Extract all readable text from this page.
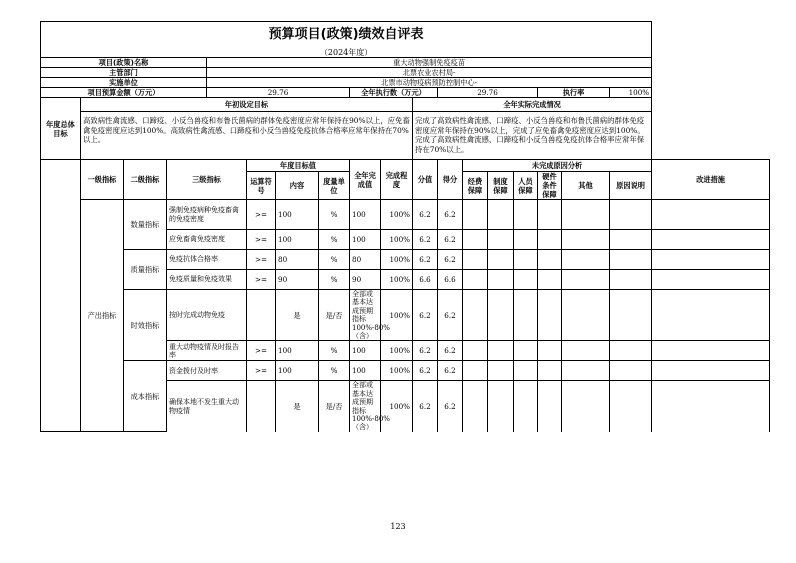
预算项目(政策)绩效自评表																		
（2024年度）																		
项目(政策)名称				重大动物强制免疫疫苗														
主管部门				北票农业农村局-														
实施单位				北票市动物疫病预防控制中心-														
项目预算金额（万元）				29.76				全年执行数（万元）			29.76				执行率		100%	
年度总体目标	年初设定目标									全年实际完成情况								
	高致病性禽流感、口蹄疫、小反刍兽疫和布鲁氏菌病的群体免疫密度应常年保持在90%以上，应免畜禽免疫密度应达到100%。高致病性禽流感、口蹄疫和小反刍兽疫免疫抗体合格率应常年保持在70%以上。									完成了高致病性禽流感、口蹄疫、小反刍兽疫和布鲁氏菌病的群体免疫密度应常年保持在90%以上，完成了应免畜禽免疫密度应达到100%。完成了高致病性禽流感、口蹄疫和小反刍兽疫免疫抗体合格率应常年保持在70%以上。								
	一级指标	二级指标	三级指标		年度目标值			全年完成值	完成程度	分值	得分	未完成原因分析						改进措施
					运算符号	内容	度量单位					经费保障	制度保障	人员保障	硬件条件保障	其他	原因说明	
	产出指标	数量指标	强制免疫病种免疫畜禽的免疫密度		>=	100	%	100	100%	6.2	6.2							
			应免畜禽免疫密度		>=	100	%	100	100%	6.2	6.2							
		质量指标	免疫抗体合格率		>=	80	%	80	100%	6.2	6.2							
			免疫质量和免疫效果		>=	90	%	90	100%	6.6	6.6							
		时效指标	按时完成动物免疫			是	是/否	全部或基本达成预期指标100%-80%（含）	100%	6.2	6.2							
			重大动物疫情及时报告率		>=	100	%	100	100%	6.2	6.2							
		成本指标	资金拨付及时率		>=	100	%	100	100%	6.2	6.2							
			确保本地不发生重大动物疫情			是	是/否	全部或基本达成预期指标100%-80%（含）	100%	6.2	6.2							
123
